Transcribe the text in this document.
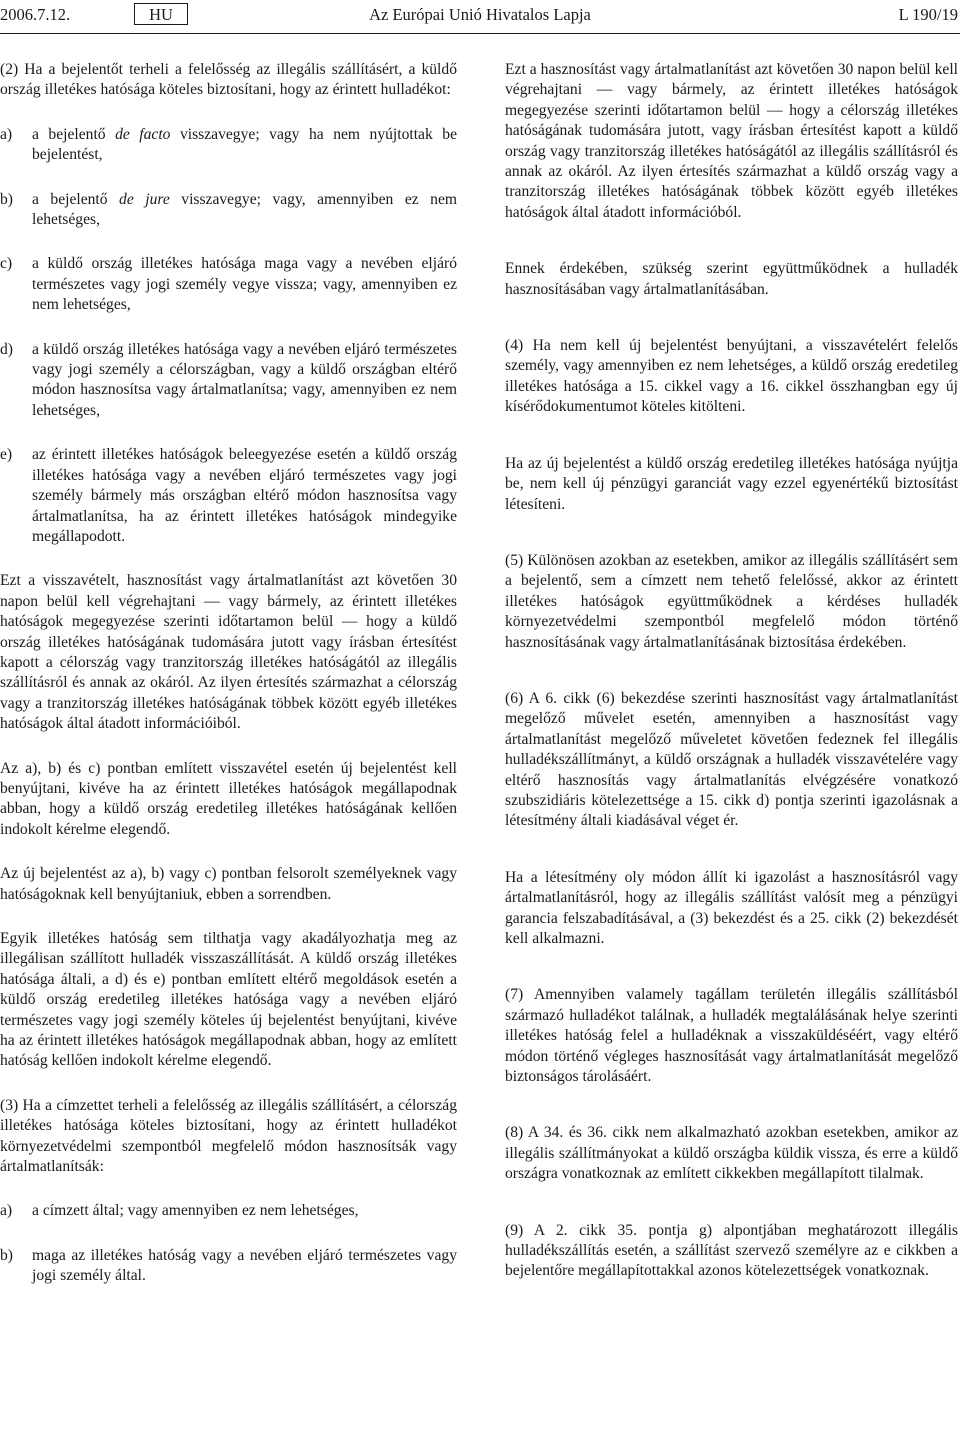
2006.7.12.	HU	Az Európai Unió Hivatalos Lapja	L 190/19

(2) Ha a bejelentőt terheli a felelősség az illegális szállításért, a küldő ország illetékes hatósága köteles biztosítani, hogy az érintett hulladékot:

a) a bejelentő de facto visszavegye; vagy ha nem nyújtottak be bejelentést,

b) a bejelentő de jure visszavegye; vagy, amennyiben ez nem lehetséges,

c) a küldő ország illetékes hatósága maga vagy a nevében eljáró természetes vagy jogi személy vegye vissza; vagy, amennyiben ez nem lehetséges,

d) a küldő ország illetékes hatósága vagy a nevében eljáró természetes vagy jogi személy a célországban, vagy a küldő országban eltérő módon hasznosítsa vagy ártalmatlanítsa; vagy, amennyiben ez nem lehetséges,

e) az érintett illetékes hatóságok beleegyezése esetén a küldő ország illetékes hatósága vagy a nevében eljáró természetes vagy jogi személy bármely más országban eltérő módon hasznosítsa vagy ártalmatlanítsa, ha az érintett illetékes hatóságok mindegyike megállapodott.

Ezt a visszavételt, hasznosítást vagy ártalmatlanítást azt követően 30 napon belül kell végrehajtani — vagy bármely, az érintett illetékes hatóságok megegyezése szerinti időtartamon belül — hogy a küldő ország illetékes hatóságának tudomására jutott vagy írásban értesítést kapott a célország vagy tranzitország illetékes hatóságától az illegális szállításról és annak az okáról. Az ilyen értesítés származhat a célország vagy a tranzitország illetékes hatóságának többek között egyéb illetékes hatóságok által átadott információiból.

Az a), b) és c) pontban említett visszavétel esetén új bejelentést kell benyújtani, kivéve ha az érintett illetékes hatóságok megállapodnak abban, hogy a küldő ország eredetileg illetékes hatóságának kellően indokolt kérelme elegendő.

Az új bejelentést az a), b) vagy c) pontban felsorolt személyeknek vagy hatóságoknak kell benyújtaniuk, ebben a sorrendben.

Egyik illetékes hatóság sem tilthatja vagy akadályozhatja meg az illegálisan szállított hulladék visszaszállítását. A küldő ország illetékes hatósága általi, a d) és e) pontban említett eltérő megoldások esetén a küldő ország eredetileg illetékes hatósága vagy a nevében eljáró természetes vagy jogi személy köteles új bejelentést benyújtani, kivéve ha az érintett illetékes hatóságok megállapodnak abban, hogy az említett hatóság kellően indokolt kérelme elegendő.

(3) Ha a címzettet terheli a felelősség az illegális szállításért, a célország illetékes hatósága köteles biztosítani, hogy az érintett hulladékot környezetvédelmi szempontból megfelelő módon hasznosítsák vagy ártalmatlanítsák:

a) a címzett által; vagy amennyiben ez nem lehetséges,

b) maga az illetékes hatóság vagy a nevében eljáró természetes vagy jogi személy által.

Ezt a hasznosítást vagy ártalmatlanítást azt követően 30 napon belül kell végrehajtani — vagy bármely, az érintett illetékes hatóságok megegyezése szerinti időtartamon belül — hogy a célország illetékes hatóságának tudomására jutott, vagy írásban értesítést kapott a küldő ország vagy tranzitország illetékes hatóságától az illegális szállításról és annak az okáról. Az ilyen értesítés származhat a küldő ország vagy a tranzitország illetékes hatóságának többek között egyéb illetékes hatóságok által átadott információból.

Ennek érdekében, szükség szerint együttműködnek a hulladék hasznosításában vagy ártalmatlanításában.

(4) Ha nem kell új bejelentést benyújtani, a visszavételért felelős személy, vagy amennyiben ez nem lehetséges, a küldő ország eredetileg illetékes hatósága a 15. cikkel vagy a 16. cikkel összhangban egy új kísérődokumentumot köteles kitölteni.

Ha az új bejelentést a küldő ország eredetileg illetékes hatósága nyújtja be, nem kell új pénzügyi garanciát vagy ezzel egyenértékű biztosítást létesíteni.

(5) Különösen azokban az esetekben, amikor az illegális szállításért sem a bejelentő, sem a címzett nem tehető felelőssé, akkor az érintett illetékes hatóságok együttműködnek a kérdéses hulladék környezetvédelmi szempontból megfelelő módon történő hasznosításának vagy ártalmatlanításának biztosítása érdekében.

(6) A 6. cikk (6) bekezdése szerinti hasznosítást vagy ártalmatlanítást megelőző művelet esetén, amennyiben a hasznosítást vagy ártalmatlanítást megelőző műveletet követően fedeznek fel illegális hulladékszállítmányt, a küldő országnak a hulladék visszavételére vagy eltérő hasznosítás vagy ártalmatlanítás elvégzésére vonatkozó szubszidiáris kötelezettsége a 15. cikk d) pontja szerinti igazolásnak a létesítmény általi kiadásával véget ér.

Ha a létesítmény oly módon állít ki igazolást a hasznosításról vagy ártalmatlanításról, hogy az illegális szállítást valósít meg a pénzügyi garancia felszabadításával, a (3) bekezdést és a 25. cikk (2) bekezdését kell alkalmazni.

(7) Amennyiben valamely tagállam területén illegális szállításból származó hulladékot találnak, a hulladék megtalálásának helye szerinti illetékes hatóság felel a hulladéknak a visszaküldéséért, vagy eltérő módon történő végleges hasznosítását vagy ártalmatlanítását megelőző biztonságos tárolásáért.

(8) A 34. és 36. cikk nem alkalmazható azokban esetekben, amikor az illegális szállítmányokat a küldő országba küldik vissza, és erre a küldő országra vonatkoznak az említett cikkekben megállapított tilalmak.

(9) A 2. cikk 35. pontja g) alpontjában meghatározott illegális hulladékszállítás esetén, a szállítást szervező személyre az e cikkben a bejelentőre megállapítottakkal azonos kötelezettségek vonatkoznak.
